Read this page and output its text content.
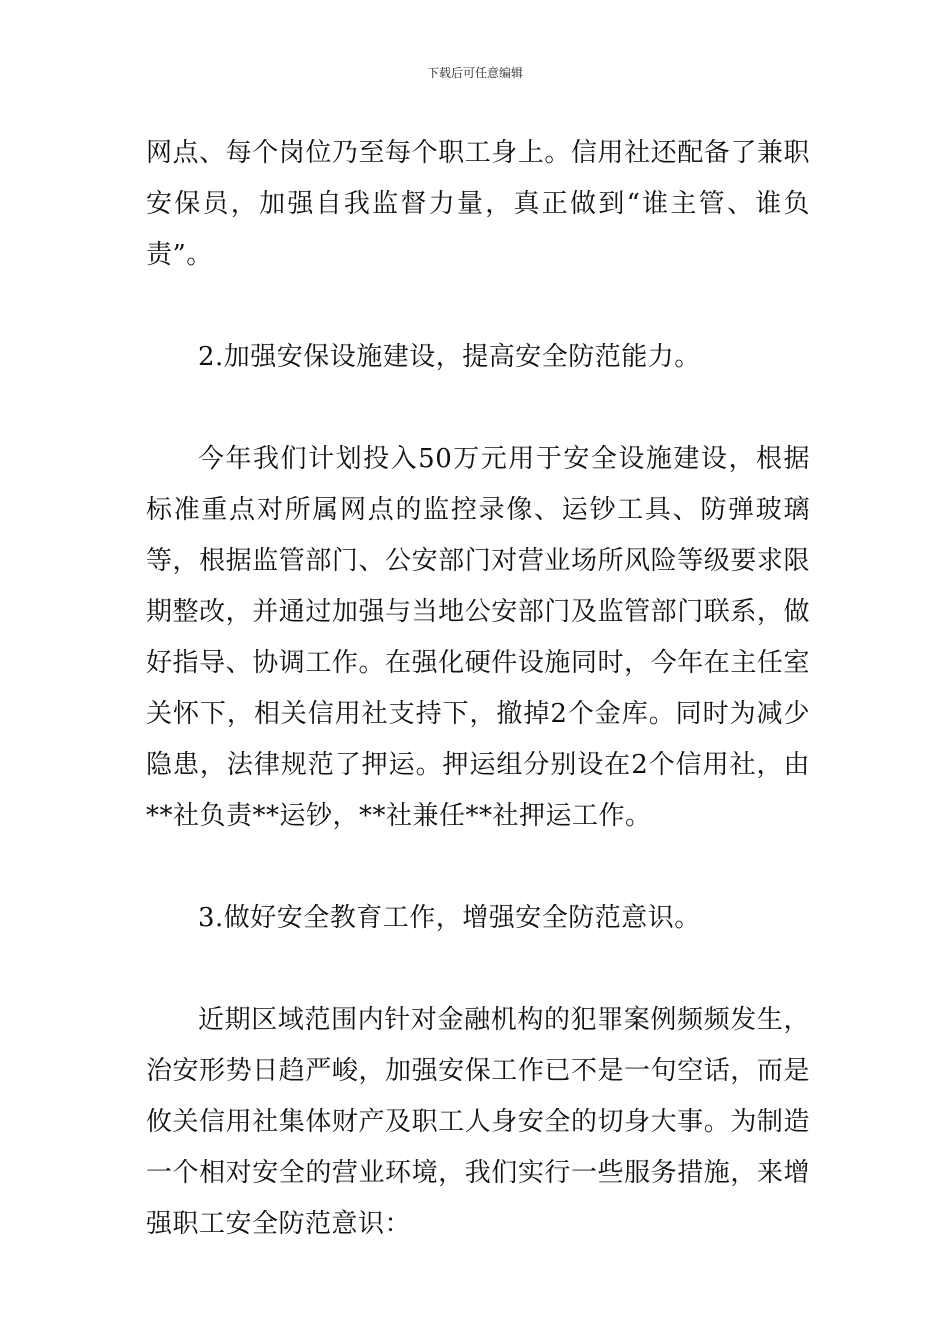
下载后可任意编辑

网点、每个岗位乃至每个职工身上。信用社还配备了兼职安保员，加强自我监督力量，真正做到“谁主管、谁负责”。

2.加强安保设施建设，提高安全防范能力。

今年我们计划投入50万元用于安全设施建设，根据标准重点对所属网点的监控录像、运钞工具、防弹玻璃等，根据监管部门、公安部门对营业场所风险等级要求限期整改，并通过加强与当地公安部门及监管部门联系，做好指导、协调工作。在强化硬件设施同时，今年在主任室关怀下，相关信用社支持下，撤掉2个金库。同时为减少隐患，法律规范了押运。押运组分别设在2个信用社，由**社负责**运钞，**社兼任**社押运工作。

3.做好安全教育工作，增强安全防范意识。

近期区域范围内针对金融机构的犯罪案例频频发生，治安形势日趋严峻，加强安保工作已不是一句空话，而是攸关信用社集体财产及职工人身安全的切身大事。为制造一个相对安全的营业环境，我们实行一些服务措施，来增强职工安全防范意识：
